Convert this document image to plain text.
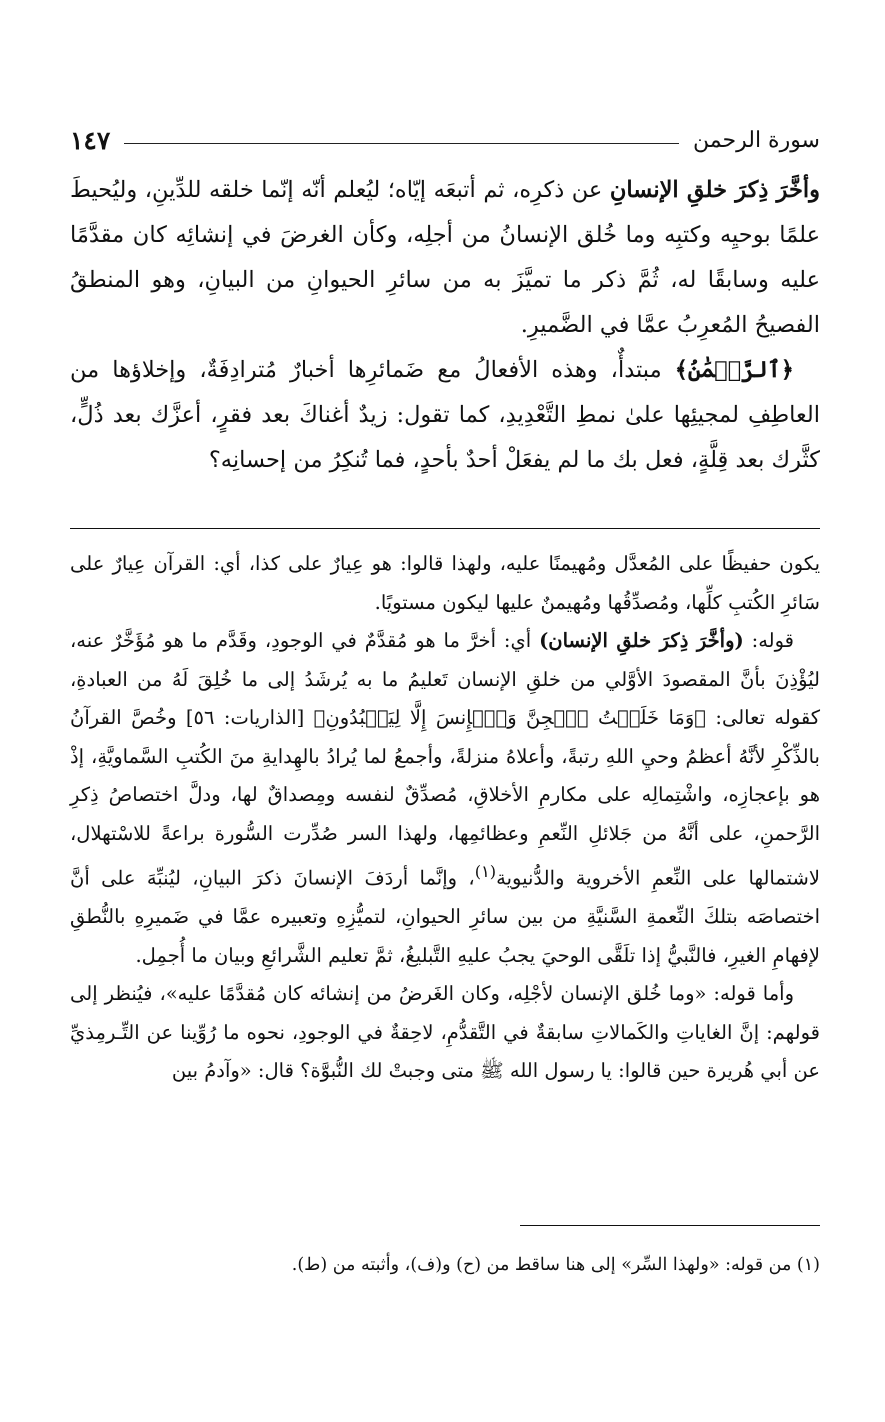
سورة الرحمن
١٤٧

وأخَّرَ ذِكرَ خلقِ الإنسانِ عن ذكرِه، ثم أتبعَه إيّاه؛ ليُعلم أنّه إنّما خلقه للدِّينِ، وليُحيطَ علمًا بوحيِه وكتبِه وما خُلق الإنسانُ من أجلِه، وكأن الغرضَ في إنشائِه كان مقدَّمًا عليه وسابقًا له، ثُمَّ ذكر ما تميَّزَ به من سائرِ الحيوانِ من البيانِ، وهو المنطقُ الفصيحُ المُعرِبُ عمَّا في الضَّميرِ.

﴿ٱلرَّحۡمَٰنُ﴾ مبتدأٌ، وهذه الأفعالُ مع ضَمائرِها أخبارٌ مُترادِفَةٌ، وإخلاؤها من العاطِفِ لمجيئِها علىٰ نمطِ التَّعْدِيدِ، كما تقول: زيدٌ أغناكَ بعد فقرٍ، أعزَّك بعد ذُلٍّ، كثَّرك بعد قِلَّةٍ، فعل بك ما لم يفعَلْ أحدٌ بأحدٍ، فما تُنكِرُ من إحسانِه؟

يكون حفيظًا على المُعدَّل ومُهيمنًا عليه، ولهذا قالوا: هو عِيارٌ على كذا، أي: القرآن عِيارٌ على سَائرِ الكُتبِ كلِّها، ومُصدِّقُها ومُهيمنٌ عليها ليكون مستويًا.

قوله: (وأخَّرَ ذِكرَ خلقِ الإنسان) أي: أخرَّ ما هو مُقدَّمٌ في الوجودِ، وقَدَّم ما هو مُؤَخَّرٌ عنه، ليُؤْذِنَ بأنَّ المقصودَ الأوَّلي من خلقِ الإنسان تَعليمُ ما به يُرشَدُ إلى ما خُلِقَ لَهُ من العبادةِ، كقوله تعالى: ﴿وَمَا خَلَقۡتُ ٱلۡجِنَّ وَٱلۡإِنسَ إِلَّا لِيَعۡبُدُونِ﴾ [الذاريات: ٥٦] وخُصَّ القرآنُ بالذِّكْرِ لأنَّهُ أعظمُ وحيِ اللهِ رتبةً، وأعلاهُ منزلةً، وأجمعُ لما يُرادُ بالهِدايةِ منَ الكُتبِ السَّماويَّةِ، إذْ هو بإعجازِه، واشْتِمالِه على مكارمِ الأخلاقِ، مُصدِّقٌ لنفسه ومِصداقٌ لها، ودلَّ اختصاصُ ذِكرِ الرَّحمنِ، على أنَّهُ من جَلائلِ النِّعمِ وعظائمِها، ولهذا السر صُدِّرت السُّورة براعةً للاسْتهلال، لاشتمالها على النِّعمِ الأخروية والدُّنيوية$^{(١)}$، وإنَّما أردَفَ الإنسانَ ذكرَ البيانِ، ليُنبِّهَ على أنَّ اختصاصَه بتلكَ النِّعمةِ السَّنيَّةِ من بين سائرِ الحيوانِ، لتميُّزِهِ وتعبيره عمَّا في ضَميرِهِ بالنُّطقِ لإفهامِ الغيرِ، فالنَّبيُّ إذا تلَقَّى الوحيَ يجبُ عليهِ التَّبليغُ، ثمَّ تعليم الشَّرائعِ وبيان ما أُجمِل.

وأما قوله: «وما خُلق الإنسان لأجْلِه، وكان الغَرضُ من إنشائه كان مُقدَّمًا عليه»، فيُنظر إلى قولهم: إنَّ الغاياتِ والكَمالاتِ سابقةٌ في التَّقدُّمِ، لاحِقةٌ في الوجودِ، نحوه ما رُوِّينا عن التِّـرمِذيِّ عن أبي هُريرة حين قالوا: يا رسول الله ﷺ متى وجبتْ لك النُّبوَّة؟ قال: «وآدمُ بين

(١) من قوله: «ولهذا السِّر» إلى هنا ساقط من (ح) و(ف)، وأثبته من (ط).
